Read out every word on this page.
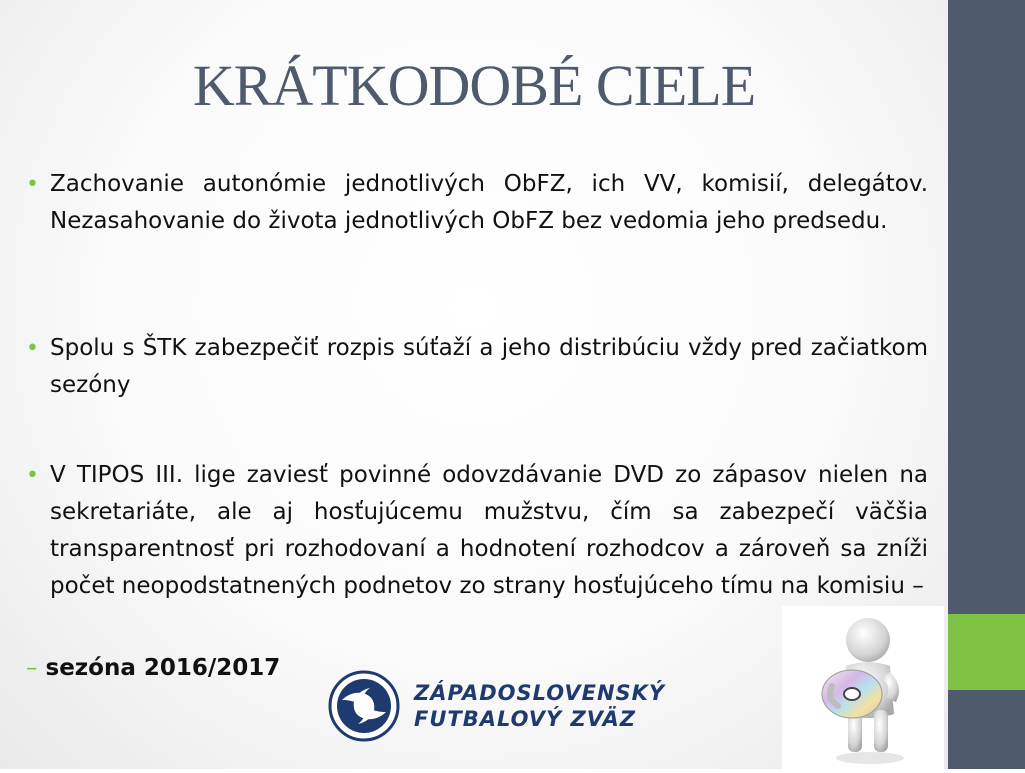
KRÁTKODOBÉ CIELE
• Zachovanie autonómie jednotlivých ObFZ, ich VV, komisií, delegátov. Nezasahovanie do života jednotlivých ObFZ bez vedomia jeho predsedu.
• Spolu s ŠTK zabezpečiť rozpis súťaží a jeho distribúciu vždy pred začiatkom sezóny
• V TIPOS III. lige zaviesť povinné odovzdávanie DVD zo zápasov nielen na sekretariáte, ale aj hosťujúcemu mužstvu, čím sa zabezpečí väčšia transparentnosť pri rozhodovaní a hodnotení rozhodcov a zároveň sa zníži počet neopodstatnených podnetov zo strany hosťujúceho tímu na komisiu –
– sezóna 2016/2017
ZÁPADOSLOVENSKÝ
FUTBALOVÝ ZVÄZ
